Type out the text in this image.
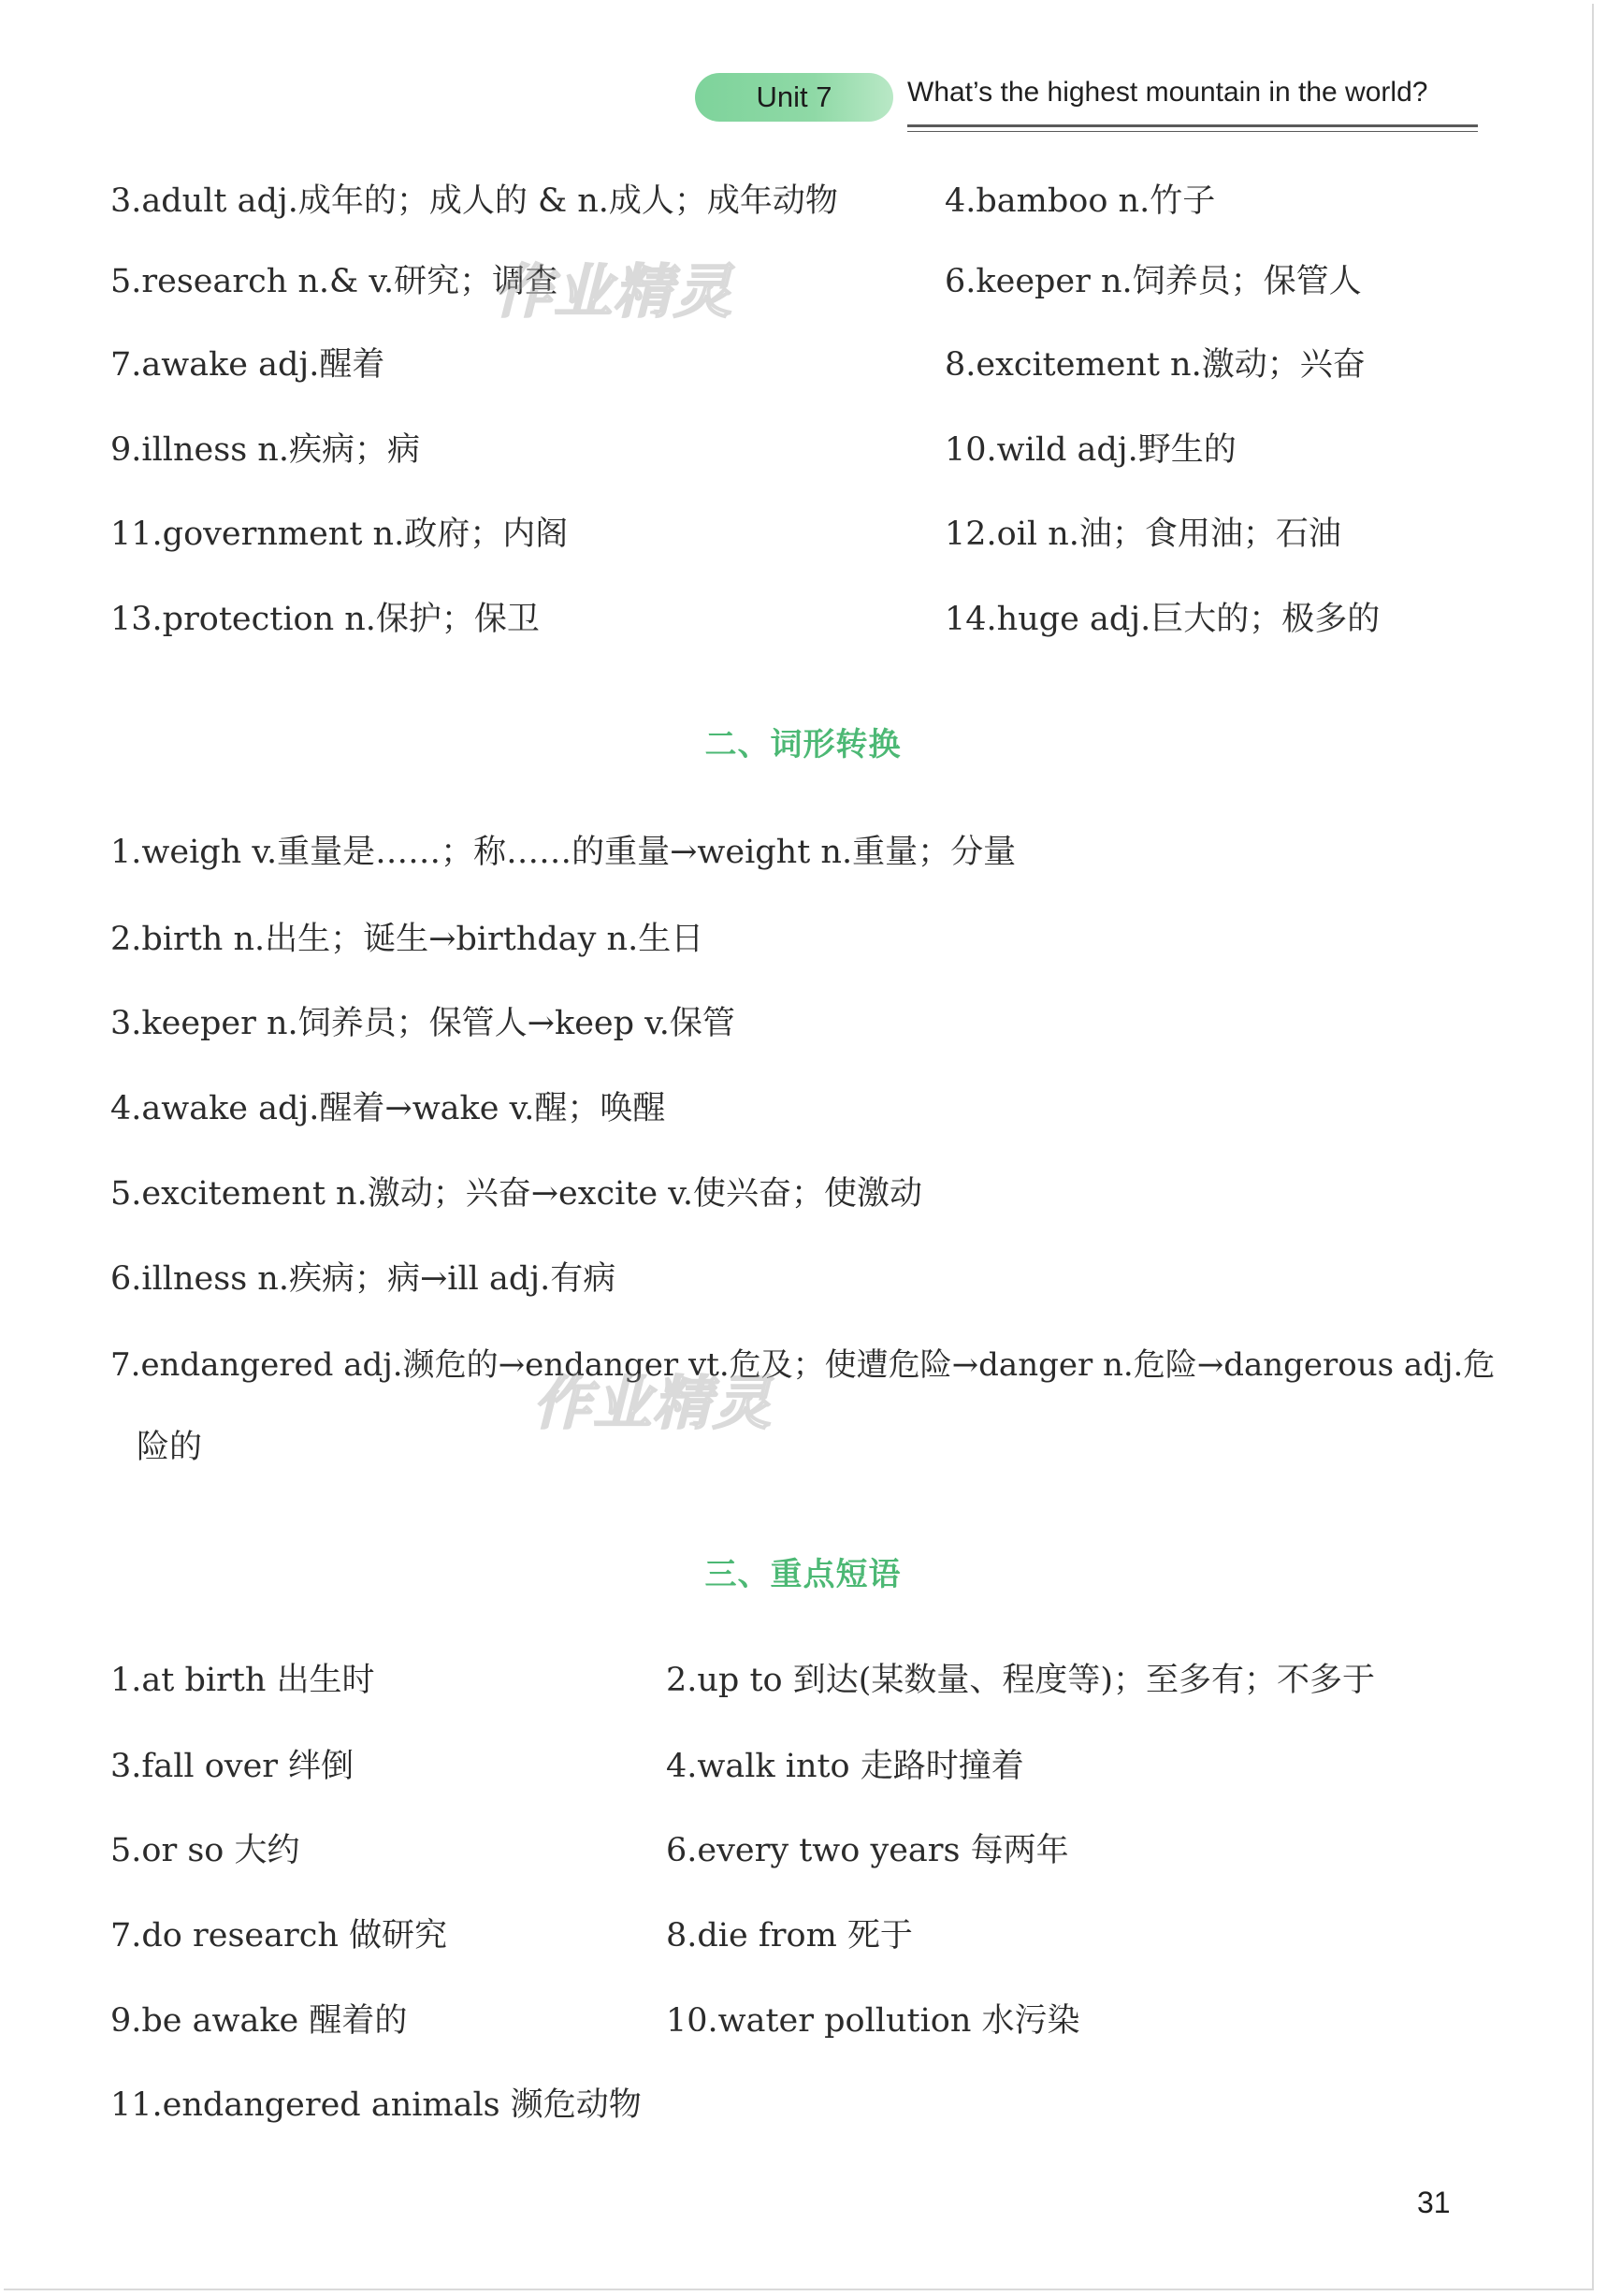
Unit 7	What’s the highest mountain in the world?
3.adult adj.成年的；成人的 & n.成人；成年动物	4.bamboo n.竹子
5.research n.& v.研究；调查	6.keeper n.饲养员；保管人
7.awake adj.醒着	8.excitement n.激动；兴奋
9.illness n.疾病；病	10.wild adj.野生的
11.government n.政府；内阁	12.oil n.油；食用油；石油
13.protection n.保护；保卫	14.huge adj.巨大的；极多的
作业精灵
二、词形转换
1.weigh v.重量是……；称……的重量→weight n.重量；分量
2.birth n.出生；诞生→birthday n.生日
3.keeper n.饲养员；保管人→keep v.保管
4.awake adj.醒着→wake v.醒；唤醒
5.excitement n.激动；兴奋→excite v.使兴奋；使激动
6.illness n.疾病；病→ill adj.有病
7.endangered adj.濒危的→endanger vt.危及；使遭危险→danger n.危险→dangerous adj.危
险的
作业精灵
三、重点短语
1.at birth 出生时	2.up to 到达(某数量、程度等)；至多有；不多于
3.fall over 绊倒	4.walk into 走路时撞着
5.or so 大约	6.every two years 每两年
7.do research 做研究	8.die from 死于
9.be awake 醒着的	10.water pollution 水污染
11.endangered animals 濒危动物
31
